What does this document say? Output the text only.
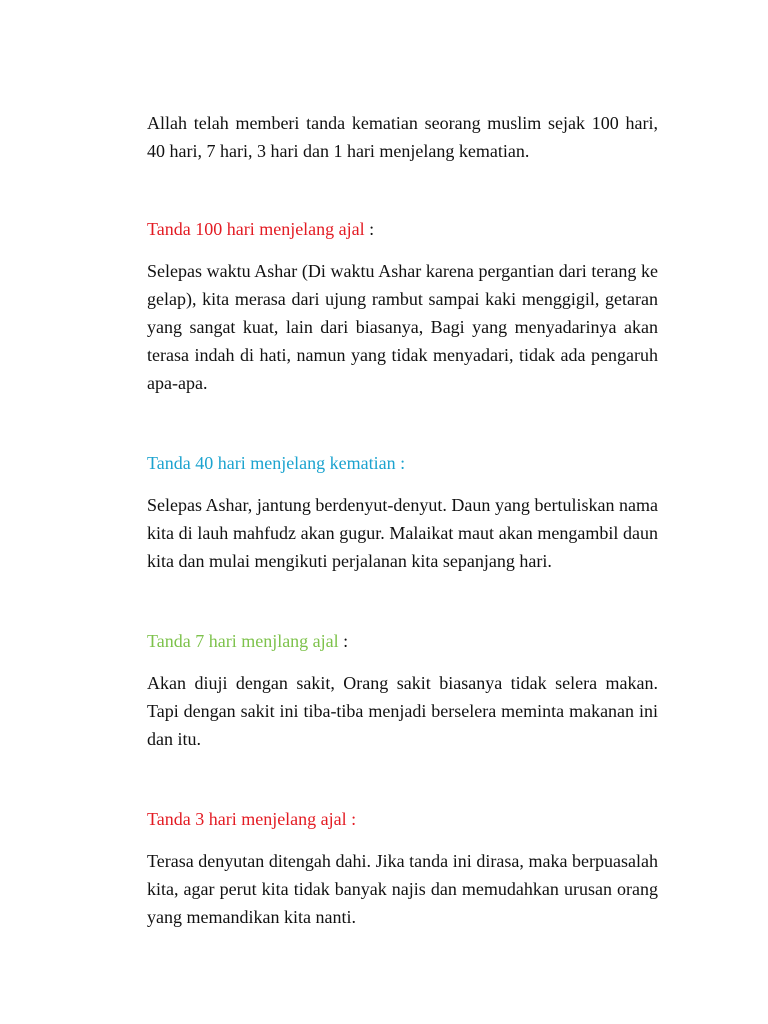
Allah telah memberi tanda kematian seorang muslim sejak 100 hari, 40 hari, 7 hari, 3 hari dan 1 hari menjelang kematian.

Tanda 100 hari menjelang ajal :

Selepas waktu Ashar (Di waktu Ashar karena pergantian dari terang ke gelap), kita merasa dari ujung rambut sampai kaki menggigil, getaran yang sangat kuat, lain dari biasanya, Bagi yang menyadarinya akan terasa indah di hati, namun yang tidak menyadari, tidak ada pengaruh apa-apa.

Tanda 40 hari menjelang kematian :

Selepas Ashar, jantung berdenyut-denyut. Daun yang bertuliskan nama kita di lauh mahfudz akan gugur. Malaikat maut akan mengambil daun kita dan mulai mengikuti perjalanan kita sepanjang hari.

Tanda 7 hari menjlang ajal :

Akan diuji dengan sakit, Orang sakit biasanya tidak selera makan. Tapi dengan sakit ini tiba-tiba menjadi berselera meminta makanan ini dan itu.

Tanda 3 hari menjelang ajal :

Terasa denyutan ditengah dahi. Jika tanda ini dirasa, maka berpuasalah kita, agar perut kita tidak banyak najis dan memudahkan urusan orang yang memandikan kita nanti.
